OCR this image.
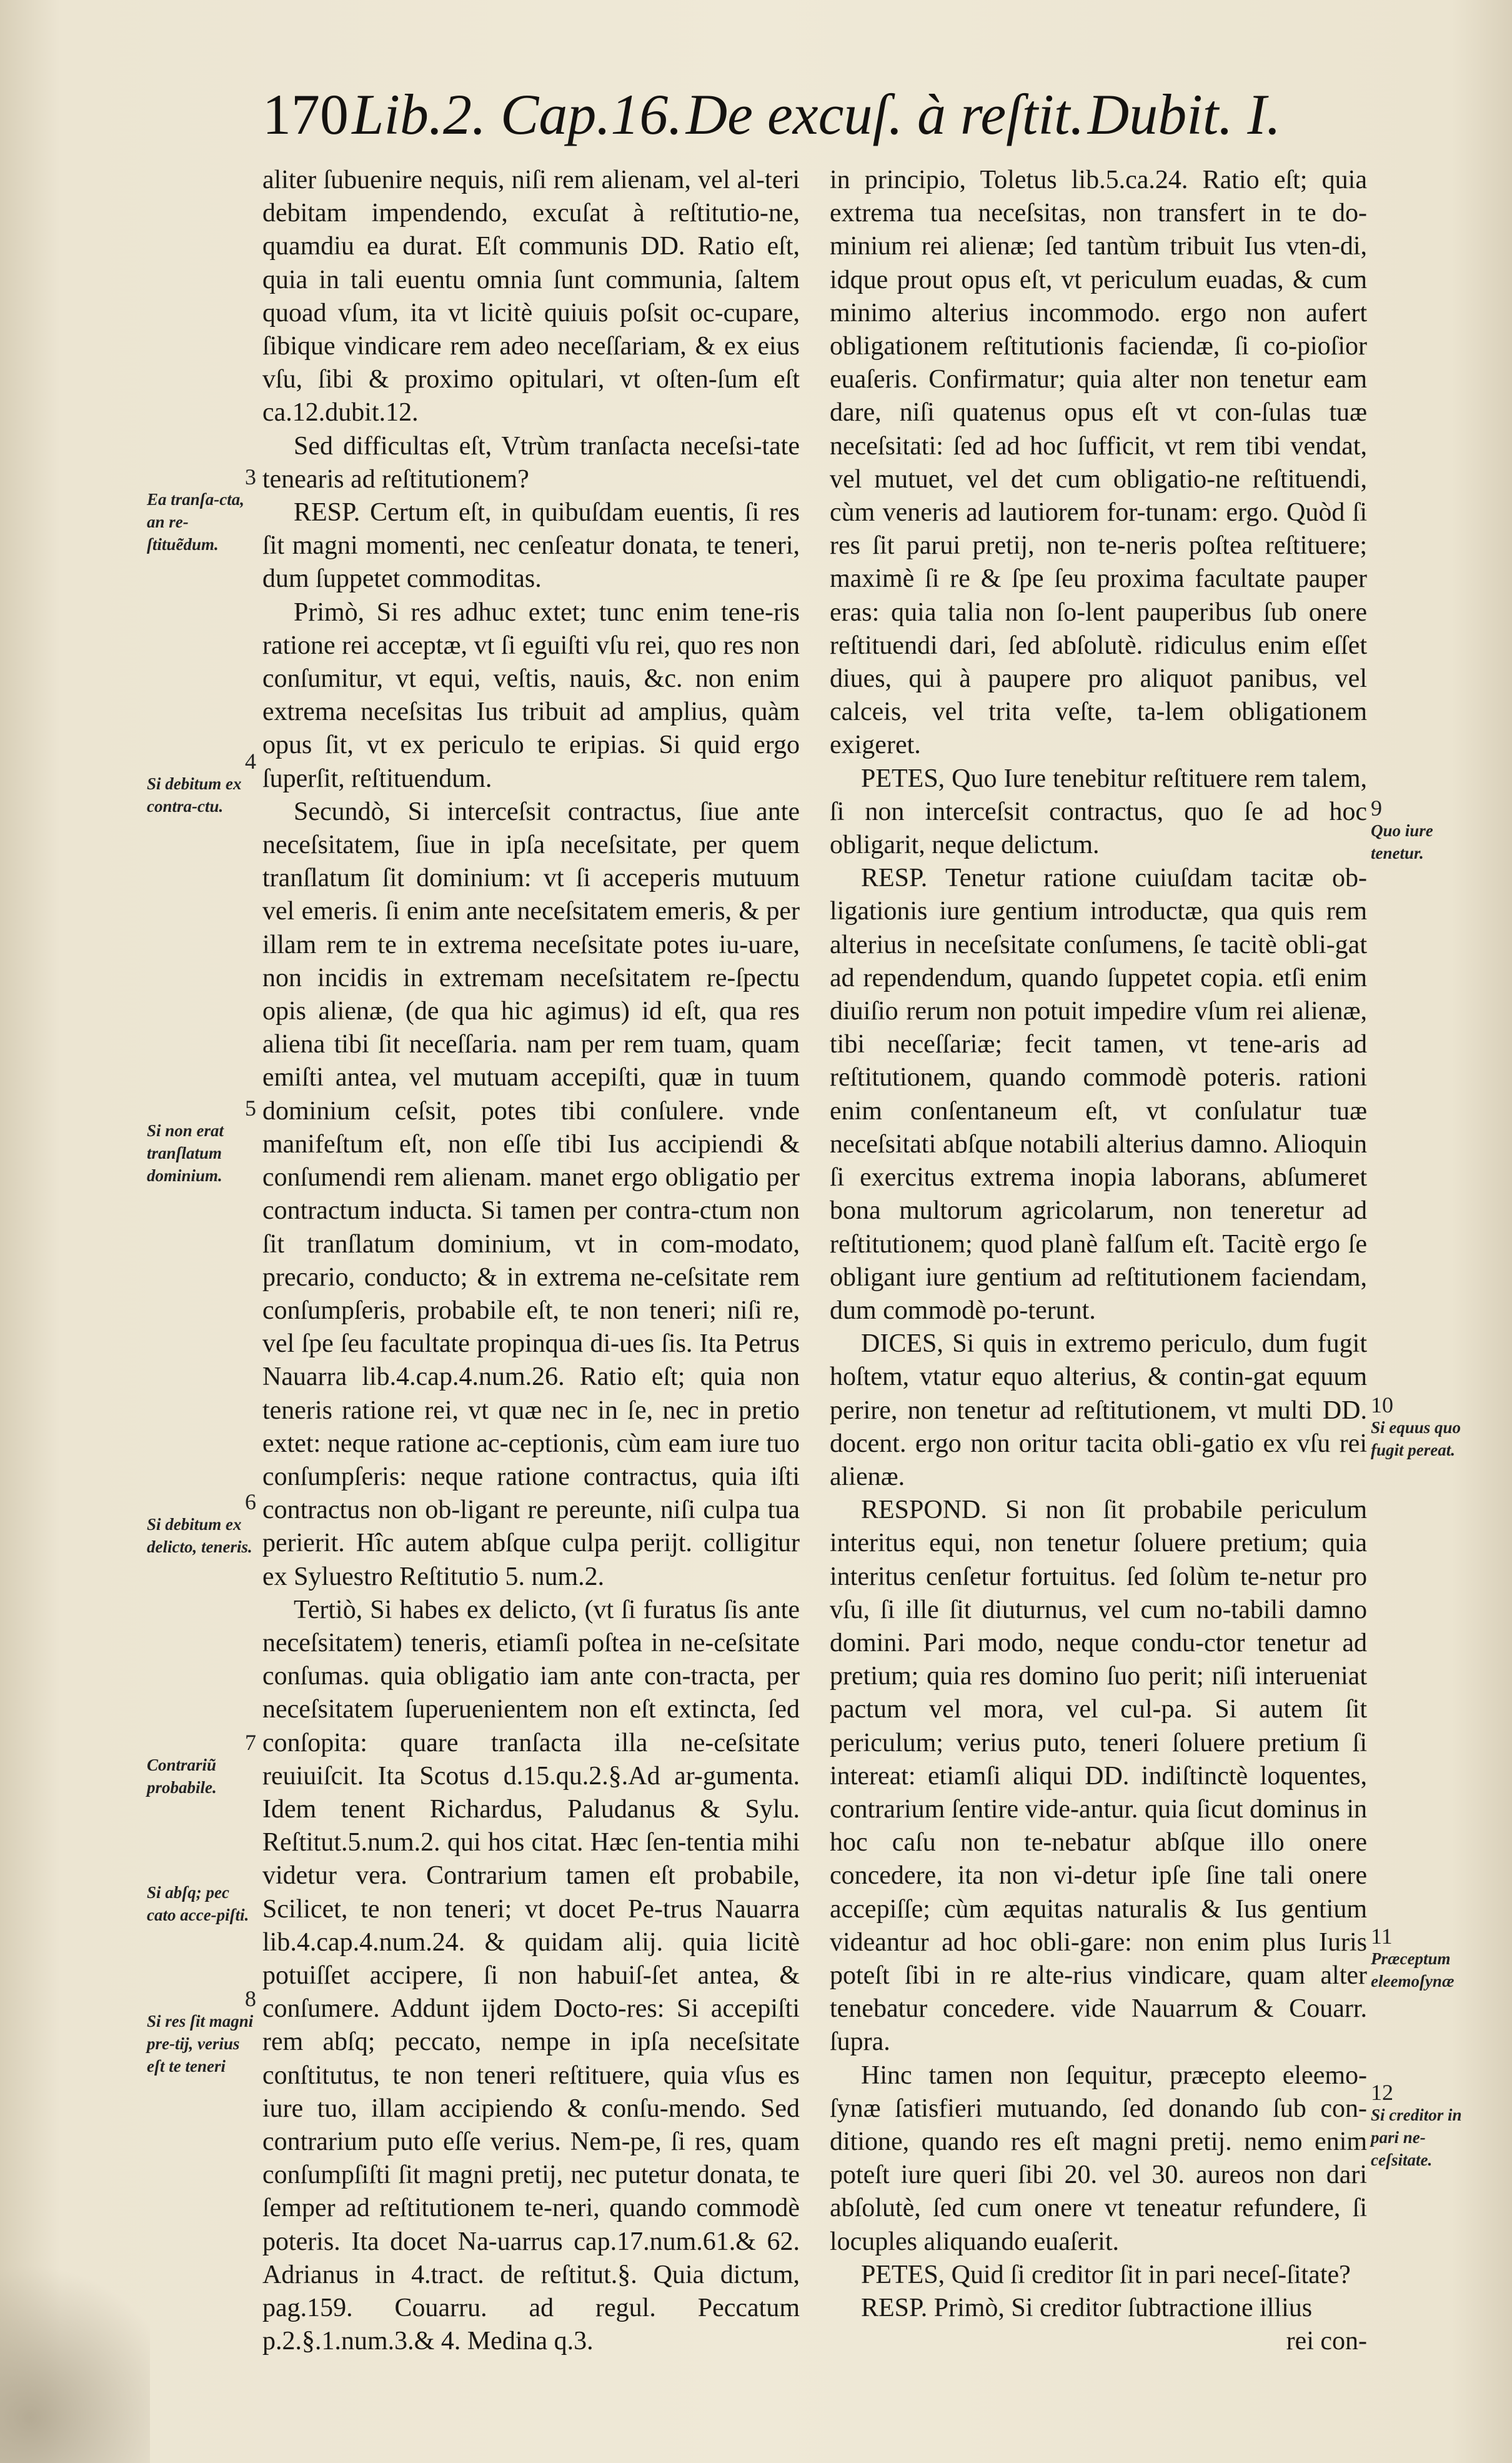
170 Lib.2. Cap.16. De excuſ. à reſtit. Dubit. I.

aliter ſubuenire nequis, niſi rem alienam, vel al-teri debitam impendendo, excuſat à reſtitutio-ne, quamdiu ea durat. Eſt communis DD. Ratio eſt, quia in tali euentu omnia ſunt communia, ſaltem quoad vſum, ita vt licitè quiuis poſsit oc-cupare, ſibique vindicare rem adeo neceſſariam, & ex eius vſu, ſibi & proximo opitulari, vt oſten-ſum eſt ca.12.dubit.12.

Sed difficultas eſt, Vtrùm tranſacta neceſsi-tate tenearis ad reſtitutionem?

RESP. Certum eſt, in quibuſdam euentis, ſi res ſit magni momenti, nec cenſeatur donata, te teneri, dum ſuppetet commoditas.

Primò, Si res adhuc extet; tunc enim tene-ris ratione rei acceptæ, vt ſi eguiſti vſu rei, quo res non conſumitur, vt equi, veſtis, nauis, &c. non enim extrema neceſsitas Ius tribuit ad amplius, quàm opus ſit, vt ex periculo te eripias. Si quid ergo ſuperſit, reſtituendum.

Secundò, Si interceſsit contractus, ſiue ante neceſsitatem, ſiue in ipſa neceſsitate, per quem tranſlatum ſit dominium: vt ſi acceperis mutuum vel emeris. ſi enim ante neceſsitatem emeris, & per illam rem te in extrema neceſsitate potes iu-uare, non incidis in extremam neceſsitatem re-ſpectu opis alienæ, (de qua hic agimus) id eſt, qua res aliena tibi ſit neceſſaria. nam per rem tuam, quam emiſti antea, vel mutuam accepiſti, quæ in tuum dominium ceſsit, potes tibi conſulere. vnde manifeſtum eſt, non eſſe tibi Ius accipiendi & conſumendi rem alienam. manet ergo obligatio per contractum inducta. Si tamen per contra-ctum non ſit tranſlatum dominium, vt in com-modato, precario, conducto; & in extrema ne-ceſsitate rem conſumpſeris, probabile eſt, te non teneri; niſi re, vel ſpe ſeu facultate propinqua di-ues ſis. Ita Petrus Nauarra lib.4.cap.4.num.26. Ratio eſt; quia non teneris ratione rei, vt quæ nec in ſe, nec in pretio extet: neque ratione ac-ceptionis, cùm eam iure tuo conſumpſeris: neque ratione contractus, quia iſti contractus non ob-ligant re pereunte, niſi culpa tua perierit. Hîc autem abſque culpa perijt. colligitur ex Syluestro Reſtitutio 5. num.2.

Tertiò, Si habes ex delicto, (vt ſi furatus ſis ante neceſsitatem) teneris, etiamſi poſtea in ne-ceſsitate conſumas. quia obligatio iam ante con-tracta, per neceſsitatem ſuperuenientem non eſt extincta, ſed conſopita: quare tranſacta illa ne-ceſsitate reuiuiſcit. Ita Scotus d.15.qu.2.§.Ad ar-gumenta. Idem tenent Richardus, Paludanus & Sylu. Reſtitut.5.num.2. qui hos citat. Hæc ſen-tentia mihi videtur vera. Contrarium tamen eſt probabile, Scilicet, te non teneri; vt docet Pe-trus Nauarra lib.4.cap.4.num.24. & quidam alij. quia licitè potuiſſet accipere, ſi non habuiſ-ſet antea, & conſumere. Addunt ijdem Docto-res: Si accepiſti rem abſq; peccato, nempe in ipſa neceſsitate conſtitutus, te non teneri reſtituere, quia vſus es iure tuo, illam accipiendo & conſu-mendo. Sed contrarium puto eſſe verius. Nem-pe, ſi res, quam conſumpſiſti ſit magni pretij, nec putetur donata, te ſemper ad reſtitutionem te-neri, quando commodè poteris. Ita docet Na-uarrus cap.17.num.61.& 62. Adrianus in 4.tract. de reſtitut.§. Quia dictum, pag.159. Couarru. ad regul. Peccatum p.2.§.1.num.3.& 4. Medina q.3.

in principio, Toletus lib.5.ca.24. Ratio eſt; quia extrema tua neceſsitas, non transfert in te do-minium rei alienæ; ſed tantùm tribuit Ius vten-di, idque prout opus eſt, vt periculum euadas, & cum minimo alterius incommodo. ergo non aufert obligationem reſtitutionis faciendæ, ſi co-pioſior euaſeris. Confirmatur; quia alter non tenetur eam dare, niſi quatenus opus eſt vt con-ſulas tuæ neceſsitati: ſed ad hoc ſufficit, vt rem tibi vendat, vel mutuet, vel det cum obligatio-ne reſtituendi, cùm veneris ad lautiorem for-tunam: ergo. Quòd ſi res ſit parui pretij, non te-neris poſtea reſtituere; maximè ſi re & ſpe ſeu proxima facultate pauper eras: quia talia non ſo-lent pauperibus ſub onere reſtituendi dari, ſed abſolutè. ridiculus enim eſſet diues, qui à paupere pro aliquot panibus, vel calceis, vel trita veſte, ta-lem obligationem exigeret.

PETES, Quo Iure tenebitur reſtituere rem talem, ſi non interceſsit contractus, quo ſe ad hoc obligarit, neque delictum.

RESP. Tenetur ratione cuiuſdam tacitæ ob-ligationis iure gentium introductæ, qua quis rem alterius in neceſsitate conſumens, ſe tacitè obli-gat ad rependendum, quando ſuppetet copia. etſi enim diuiſio rerum non potuit impedire vſum rei alienæ, tibi neceſſariæ; fecit tamen, vt tene-aris ad reſtitutionem, quando commodè poteris. rationi enim conſentaneum eſt, vt conſulatur tuæ neceſsitati abſque notabili alterius damno. Alioquin ſi exercitus extrema inopia laborans, abſumeret bona multorum agricolarum, non teneretur ad reſtitutionem; quod planè falſum eſt. Tacitè ergo ſe obligant iure gentium ad reſtitutionem faciendam, dum commodè po-terunt.

DICES, Si quis in extremo periculo, dum fugit hoſtem, vtatur equo alterius, & contin-gat equum perire, non tenetur ad reſtitutionem, vt multi DD. docent. ergo non oritur tacita obli-gatio ex vſu rei alienæ.

RESPOND. Si non ſit probabile periculum interitus equi, non tenetur ſoluere pretium; quia interitus cenſetur fortuitus. ſed ſolùm te-netur pro vſu, ſi ille ſit diuturnus, vel cum no-tabili damno domini. Pari modo, neque condu-ctor tenetur ad pretium; quia res domino ſuo perit; niſi interueniat pactum vel mora, vel cul-pa. Si autem ſit periculum; verius puto, teneri ſoluere pretium ſi intereat: etiamſi aliqui DD. indiſtinctè loquentes, contrarium ſentire vide-antur. quia ſicut dominus in hoc caſu non te-nebatur abſque illo onere concedere, ita non vi-detur ipſe ſine tali onere accepiſſe; cùm æquitas naturalis & Ius gentium videantur ad hoc obli-gare: non enim plus Iuris poteſt ſibi in re alte-rius vindicare, quam alter tenebatur concedere. vide Nauarrum & Couarr. ſupra.

Hinc tamen non ſequitur, præcepto eleemo-ſynæ ſatisfieri mutuando, ſed donando ſub con-ditione, quando res eſt magni pretij. nemo enim poteſt iure queri ſibi 20. vel 30. aureos non dari abſolutè, ſed cum onere vt teneatur refundere, ſi locuples aliquando euaſerit.

PETES, Quid ſi creditor ſit in pari neceſ-ſitate?

RESP. Primò, Si creditor ſubtractione illius

rei con-

3
Ea tranſa-cta, an re-ſtituẽdum.
4
Si debitum ex contra-ctu.
5
Si non erat tranſlatum dominium.
6
Si debitum ex delicto, teneris.
7
Contrariũ probabile.
Si abſq; pec cato acce-piſti.
8
Si res ſit magni pre-tij, verius eſt te teneri
9
Quo iure tenetur.
10
Si equus quo fugit pereat.
11
Præceptum eleemoſynæ
12
Si creditor in pari ne-ceſsitate.
